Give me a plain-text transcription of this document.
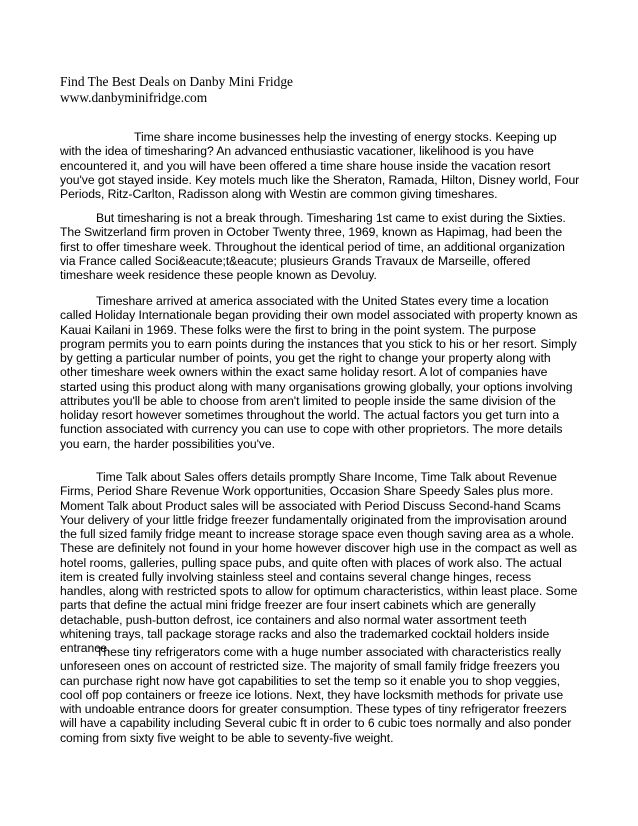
Find The Best Deals on Danby Mini Fridge
www.danbyminifridge.com

Time share income businesses help the investing of energy stocks. Keeping up with the idea of timesharing? An advanced enthusiastic vacationer, likelihood is you have encountered it, and you will have been offered a time share house inside the vacation resort you've got stayed inside. Key motels much like the Sheraton, Ramada, Hilton, Disney world, Four Periods, Ritz-Carlton, Radisson along with Westin are common giving timeshares.

But timesharing is not a break through. Timesharing 1st came to exist during the Sixties. The Switzerland firm proven in October Twenty three, 1969, known as Hapimag, had been the first to offer timeshare week. Throughout the identical period of time, an additional organization via France called Soci&eacute;t&eacute; plusieurs Grands Travaux de Marseille, offered timeshare week residence these people known as Devoluy.

Timeshare arrived at america associated with the United States every time a location called Holiday Internationale began providing their own model associated with property known as Kauai Kailani in 1969. These folks were the first to bring in the point system. The purpose program permits you to earn points during the instances that you stick to his or her resort. Simply by getting a particular number of points, you get the right to change your property along with other timeshare week owners within the exact same holiday resort. A lot of companies have started using this product along with many organisations growing globally, your options involving attributes you'll be able to choose from aren't limited to people inside the same division of the holiday resort however sometimes throughout the world. The actual factors you get turn into a function associated with currency you can use to cope with other proprietors. The more details you earn, the harder possibilities you've.

Time Talk about Sales offers details promptly Share Income, Time Talk about Revenue Firms, Period Share Revenue Work opportunities, Occasion Share Speedy Sales plus more. Moment Talk about Product sales will be associated with Period Discuss Second-hand Scams Your delivery of your little fridge freezer fundamentally originated from the improvisation around the full sized family fridge meant to increase storage space even though saving area as a whole. These are definitely not found in your home however discover high use in the compact as well as hotel rooms, galleries, pulling space pubs, and quite often with places of work also. The actual item is created fully involving stainless steel and contains several change hinges, recess handles, along with restricted spots to allow for optimum characteristics, within least place. Some parts that define the actual mini fridge freezer are four insert cabinets which are generally detachable, push-button defrost, ice containers and also normal water assortment teeth whitening trays, tall package storage racks and also the trademarked cocktail holders inside entrance.

These tiny refrigerators come with a huge number associated with characteristics really unforeseen ones on account of restricted size. The majority of small family fridge freezers you can purchase right now have got capabilities to set the temp so it enable you to shop veggies, cool off pop containers or freeze ice lotions. Next, they have locksmith methods for private use with undoable entrance doors for greater consumption. These types of tiny refrigerator freezers will have a capability including Several cubic ft in order to 6 cubic toes normally and also ponder coming from sixty five weight to be able to seventy-five weight.
